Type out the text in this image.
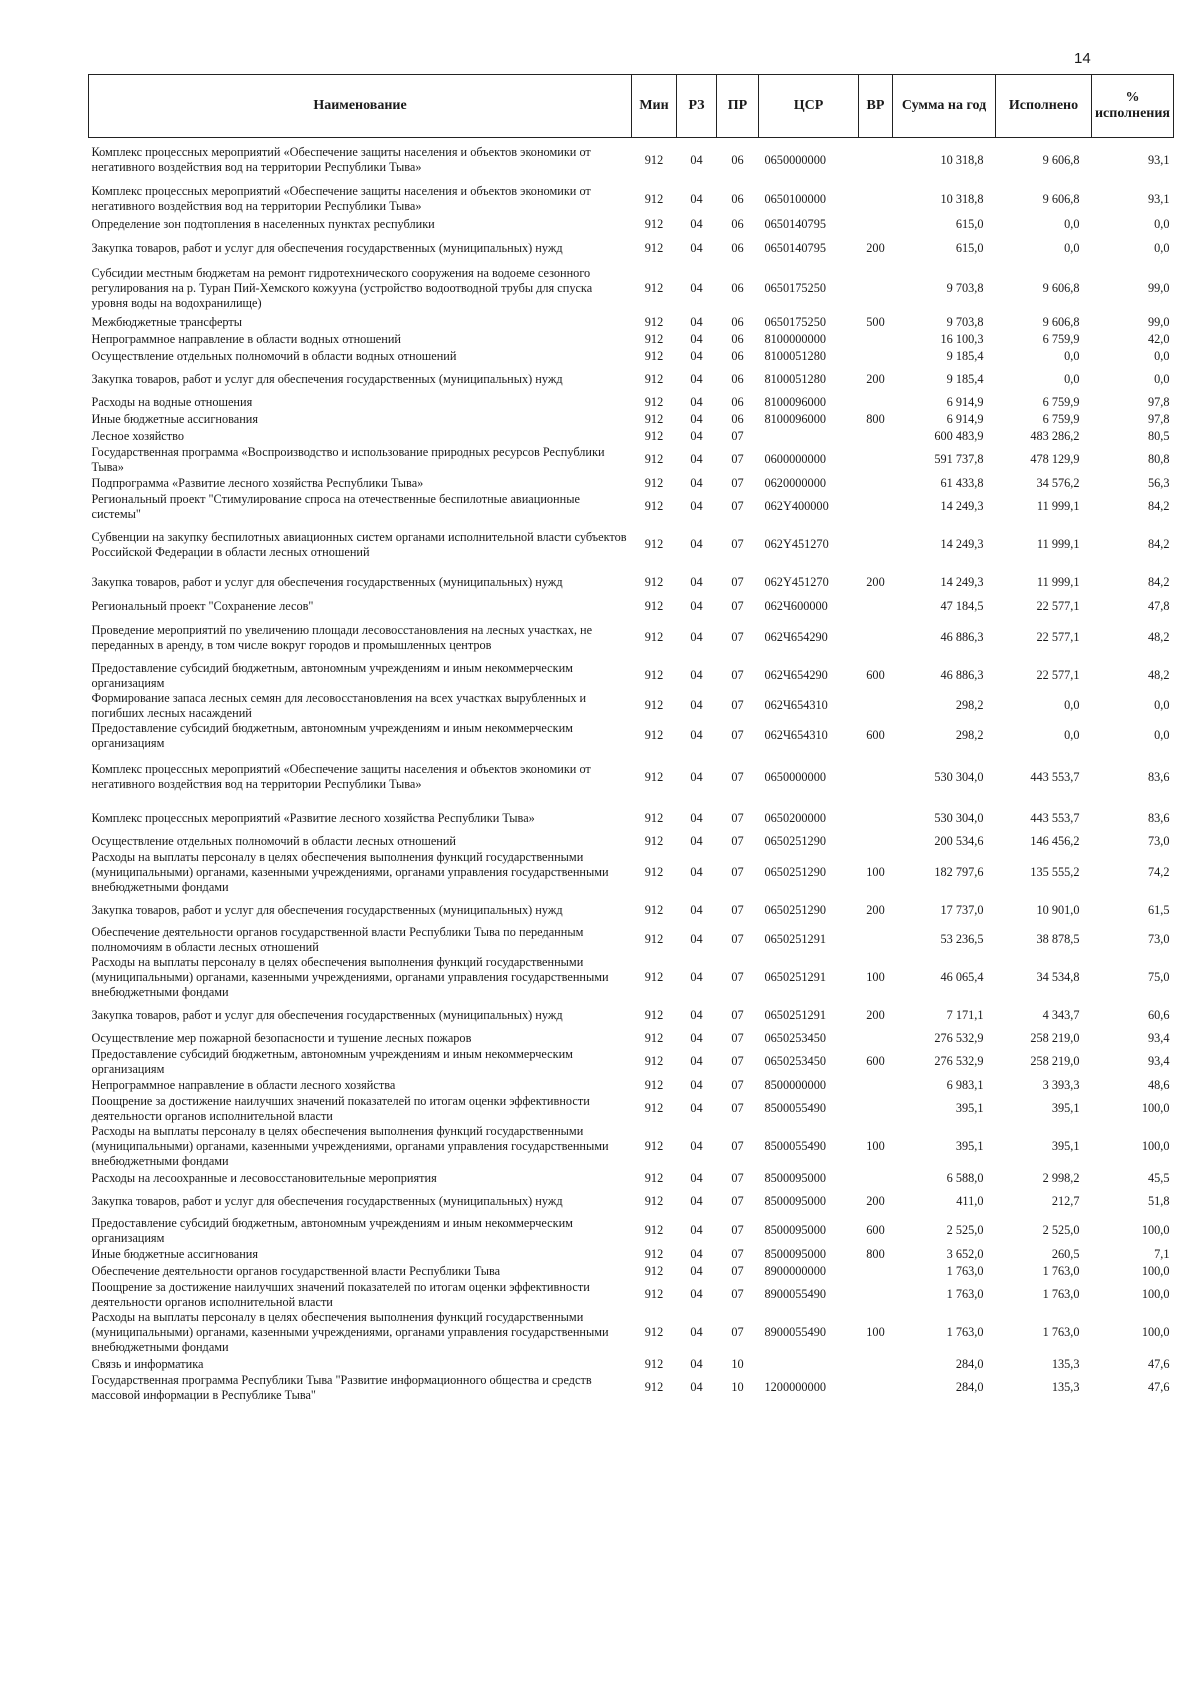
14
Наименование	Мин	РЗ	ПР	ЦСР	ВР	Сумма на год	Исполнено	% исполнения
Комплекс процессных мероприятий «Обеспечение защиты населения и объектов экономики от негативного воздействия вод на территории Республики Тыва»	912	04	06	0650000000		10 318,8	9 606,8	93,1
Комплекс процессных мероприятий «Обеспечение защиты населения и объектов экономики от негативного воздействия вод на территории Республики Тыва»	912	04	06	0650100000		10 318,8	9 606,8	93,1
Определение зон подтопления в населенных пунктах республики	912	04	06	0650140795		615,0	0,0	0,0
Закупка товаров, работ и услуг для обеспечения государственных (муниципальных) нужд	912	04	06	0650140795	200	615,0	0,0	0,0
Субсидии местным бюджетам на ремонт гидротехнического сооружения на водоеме сезонного регулирования на р. Туран Пий-Хемского кожууна (устройство водоотводной трубы для спуска уровня воды на водохранилище)	912	04	06	0650175250		9 703,8	9 606,8	99,0
Межбюджетные трансферты	912	04	06	0650175250	500	9 703,8	9 606,8	99,0
Непрограммное направление в области водных отношений	912	04	06	8100000000		16 100,3	6 759,9	42,0
Осуществление отдельных полномочий в области водных отношений	912	04	06	8100051280		9 185,4	0,0	0,0
Закупка товаров, работ и услуг для обеспечения государственных (муниципальных) нужд	912	04	06	8100051280	200	9 185,4	0,0	0,0
Расходы на водные отношения	912	04	06	8100096000		6 914,9	6 759,9	97,8
Иные бюджетные ассигнования	912	04	06	8100096000	800	6 914,9	6 759,9	97,8
Лесное хозяйство	912	04	07			600 483,9	483 286,2	80,5
Государственная программа «Воспроизводство и использование природных ресурсов Республики Тыва»	912	04	07	0600000000		591 737,8	478 129,9	80,8
Подпрограмма «Развитие лесного хозяйства Республики Тыва»	912	04	07	0620000000		61 433,8	34 576,2	56,3
Региональный проект "Стимулирование спроса на отечественные беспилотные авиационные системы"	912	04	07	062Y400000		14 249,3	11 999,1	84,2
Субвенции на закупку беспилотных авиационных систем органами исполнительной власти субъектов Российской Федерации в области лесных отношений	912	04	07	062Y451270		14 249,3	11 999,1	84,2
Закупка товаров, работ и услуг для обеспечения государственных (муниципальных) нужд	912	04	07	062Y451270	200	14 249,3	11 999,1	84,2
Региональный проект "Сохранение лесов"	912	04	07	062Ч600000		47 184,5	22 577,1	47,8
Проведение мероприятий по увеличению площади лесовосстановления на лесных участках, не переданных в аренду, в том числе вокруг городов и промышленных центров	912	04	07	062Ч654290		46 886,3	22 577,1	48,2
Предоставление субсидий бюджетным, автономным учреждениям и иным некоммерческим организациям	912	04	07	062Ч654290	600	46 886,3	22 577,1	48,2
Формирование запаса лесных семян для лесовосстановления на всех участках вырубленных и погибших лесных насаждений	912	04	07	062Ч654310		298,2	0,0	0,0
Предоставление субсидий бюджетным, автономным учреждениям и иным некоммерческим организациям	912	04	07	062Ч654310	600	298,2	0,0	0,0
Комплекс процессных мероприятий «Обеспечение защиты населения и объектов экономики от негативного воздействия вод на территории Республики Тыва»	912	04	07	0650000000		530 304,0	443 553,7	83,6
Комплекс процессных мероприятий «Развитие лесного хозяйства Республики Тыва»	912	04	07	0650200000		530 304,0	443 553,7	83,6
Осуществление отдельных полномочий в области лесных отношений	912	04	07	0650251290		200 534,6	146 456,2	73,0
Расходы на выплаты персоналу в целях обеспечения выполнения функций государственными (муниципальными) органами, казенными учреждениями, органами управления государственными внебюджетными фондами	912	04	07	0650251290	100	182 797,6	135 555,2	74,2
Закупка товаров, работ и услуг для обеспечения государственных (муниципальных) нужд	912	04	07	0650251290	200	17 737,0	10 901,0	61,5
Обеспечение деятельности органов государственной власти Республики Тыва по переданным полномочиям в области лесных отношений	912	04	07	0650251291		53 236,5	38 878,5	73,0
Расходы на выплаты персоналу в целях обеспечения выполнения функций государственными (муниципальными) органами, казенными учреждениями, органами управления государственными внебюджетными фондами	912	04	07	0650251291	100	46 065,4	34 534,8	75,0
Закупка товаров, работ и услуг для обеспечения государственных (муниципальных) нужд	912	04	07	0650251291	200	7 171,1	4 343,7	60,6
Осуществление мер пожарной безопасности и тушение лесных пожаров	912	04	07	0650253450		276 532,9	258 219,0	93,4
Предоставление субсидий бюджетным, автономным учреждениям и иным некоммерческим организациям	912	04	07	0650253450	600	276 532,9	258 219,0	93,4
Непрограммное направление в области лесного хозяйства	912	04	07	8500000000		6 983,1	3 393,3	48,6
Поощрение за достижение наилучших значений показателей по итогам оценки эффективности деятельности органов исполнительной власти	912	04	07	8500055490		395,1	395,1	100,0
Расходы на выплаты персоналу в целях обеспечения выполнения функций государственными (муниципальными) органами, казенными учреждениями, органами управления государственными внебюджетными фондами	912	04	07	8500055490	100	395,1	395,1	100,0
Расходы на лесоохранные и лесовосстановительные мероприятия	912	04	07	8500095000		6 588,0	2 998,2	45,5
Закупка товаров, работ и услуг для обеспечения государственных (муниципальных) нужд	912	04	07	8500095000	200	411,0	212,7	51,8
Предоставление субсидий бюджетным, автономным учреждениям и иным некоммерческим организациям	912	04	07	8500095000	600	2 525,0	2 525,0	100,0
Иные бюджетные ассигнования	912	04	07	8500095000	800	3 652,0	260,5	7,1
Обеспечение деятельности органов государственной власти Республики Тыва	912	04	07	8900000000		1 763,0	1 763,0	100,0
Поощрение за достижение наилучших значений показателей по итогам оценки эффективности деятельности органов исполнительной власти	912	04	07	8900055490		1 763,0	1 763,0	100,0
Расходы на выплаты персоналу в целях обеспечения выполнения функций государственными (муниципальными) органами, казенными учреждениями, органами управления государственными внебюджетными фондами	912	04	07	8900055490	100	1 763,0	1 763,0	100,0
Связь и информатика	912	04	10			284,0	135,3	47,6
Государственная программа Республики Тыва "Развитие информационного общества и средств массовой информации в Республике Тыва"	912	04	10	1200000000		284,0	135,3	47,6
